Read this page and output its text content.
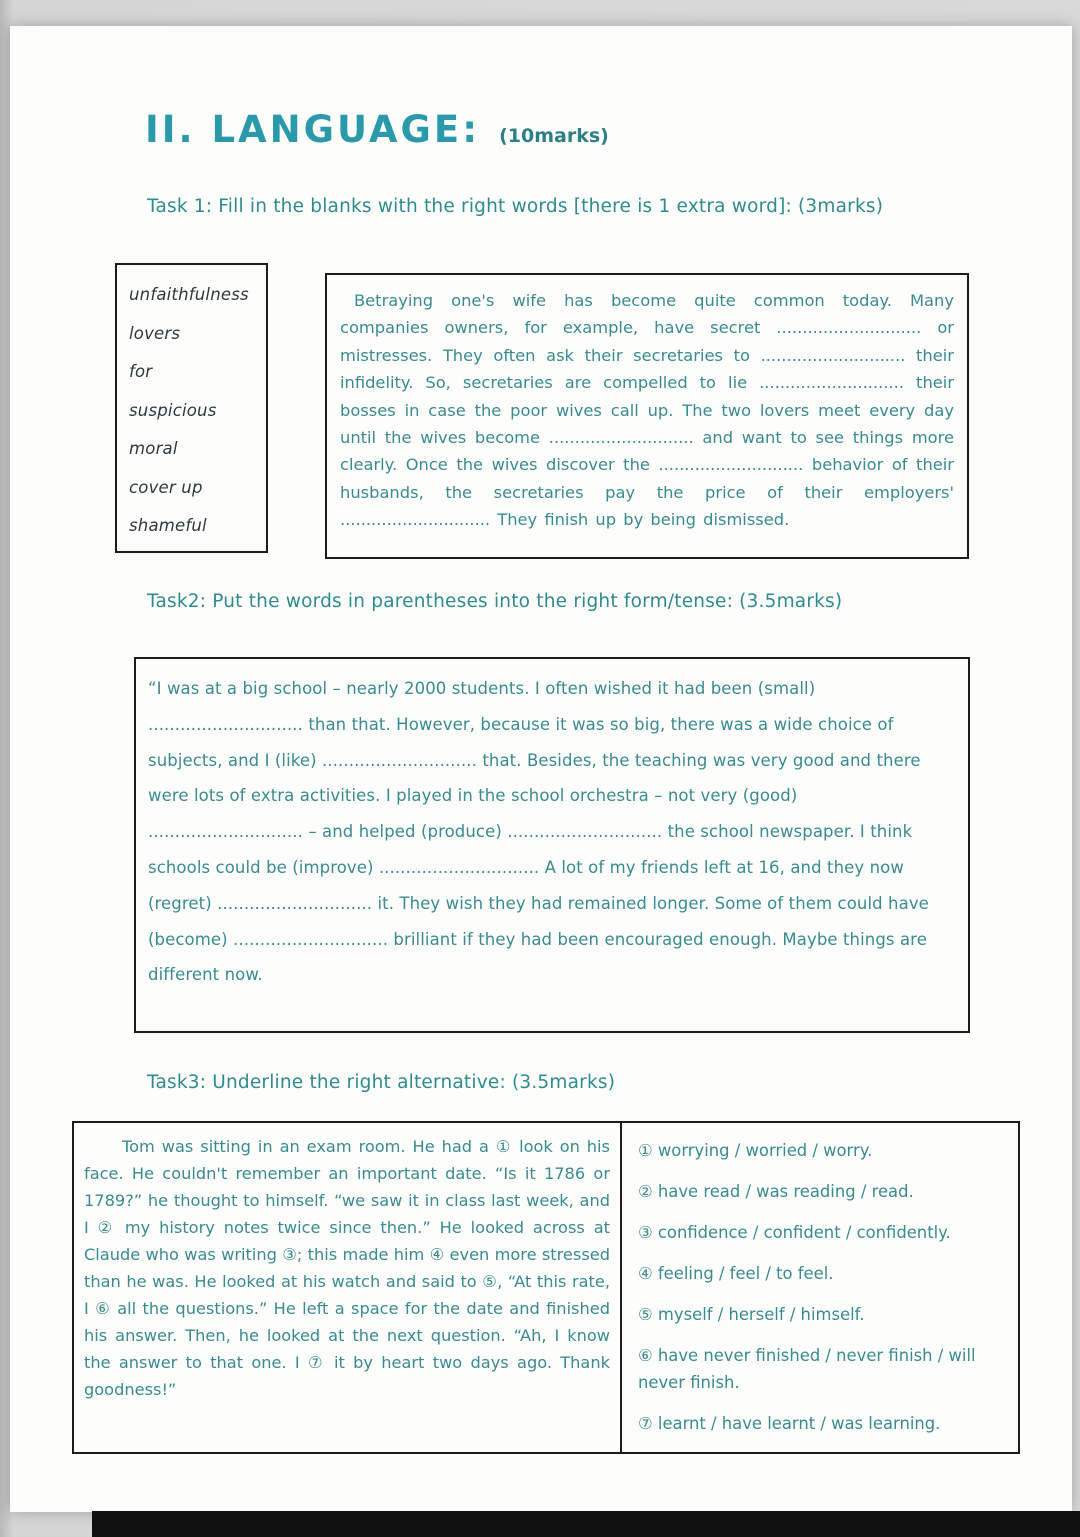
II. LANGUAGE: (10marks)
Task 1: Fill in the blanks with the right words [there is 1 extra word]: (3marks)
unfaithfulness
lovers
for
suspicious
moral
cover up
shameful

Betraying one's wife has become quite common today. Many companies owners, for example, have secret ............................ or mistresses. They often ask their secretaries to ............................ their infidelity. So, secretaries are compelled to lie ............................ their bosses in case the poor wives call up. The two lovers meet every day until the wives become ............................ and want to see things more clearly. Once the wives discover the ............................ behavior of their husbands, the secretaries pay the price of their employers' ............................. They finish up by being dismissed.

Task2: Put the words in parentheses into the right form/tense: (3.5marks)

“I was at a big school – nearly 2000 students. I often wished it had been (small) ............................. than that. However, because it was so big, there was a wide choice of subjects, and I (like) ............................. that. Besides, the teaching was very good and there were lots of extra activities. I played in the school orchestra – not very (good) ............................. – and helped (produce) ............................. the school newspaper. I think schools could be (improve) .............................. A lot of my friends left at 16, and they now (regret) ............................. it. They wish they had remained longer. Some of them could have (become) ............................. brilliant if they had been encouraged enough. Maybe things are different now.

Task3: Underline the right alternative: (3.5marks)
Tom was sitting in an exam room. He had a ① look on his face. He couldn't remember an important date. “Is it 1786 or 1789?” he thought to himself. “we saw it in class last week, and I ② my history notes twice since then.” He looked across at Claude who was writing ③; this made him ④ even more stressed than he was. He looked at his watch and said to ⑤, “At this rate, I ⑥ all the questions.” He left a space for the date and finished his answer. Then, he looked at the next question. “Ah, I know the answer to that one. I ⑦ it by heart two days ago. Thank goodness!”
① worrying / worried / worry.
② have read / was reading / read.
③ confidence / confident / confidently.
④ feeling / feel / to feel.
⑤ myself / herself / himself.
⑥ have never finished / never finish / will never finish.
⑦ learnt / have learnt / was learning.
